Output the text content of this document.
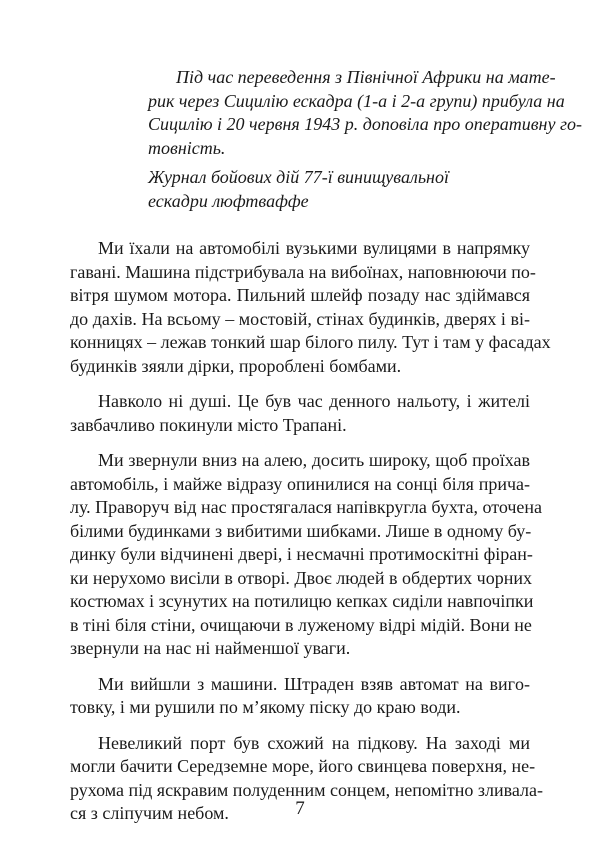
Під час переведення з Північної Африки на мате-
рик через Сицилію ескадра (1-а і 2-а групи) прибула на
Сицилію і 20 червня 1943 р. доповіла про оперативну го-
товність.

Журнал бойових дій 77-ї винищувальної
ескадри люфтваффе
Ми їхали на автомобілі вузькими вулицями в напрямку
гавані. Машина підстрибувала на вибоїнах, наповнюючи по-
вітря шумом мотора. Пильний шлейф позаду нас здіймався
до дахів. На всьому – мостовій, стінах будинків, дверях і ві-
конницях – лежав тонкий шар білого пилу. Тут і там у фасадах
будинків зяяли дірки, пророблені бомбами.
Навколо ні душі. Це був час денного нальоту, і жителі
завбачливо покинули місто Трапані.
Ми звернули вниз на алею, досить широку, щоб проїхав
автомобіль, і майже відразу опинилися на сонці біля прича-
лу. Праворуч від нас простягалася напівкругла бухта, оточена
білими будинками з вибитими шибками. Лише в одному бу-
динку були відчинені двері, і несмачні протимоскітні фіран-
ки нерухомо висіли в отворі. Двоє людей в обдертих чорних
костюмах і зсунутих на потилицю кепках сиділи навпочіпки
в тіні біля стіни, очищаючи в луженому відрі мідій. Вони не
звернули на нас ні найменшої уваги.
Ми вийшли з машини. Штраден взяв автомат на вигo-
товку, і ми рушили по м’якому піску до краю води.
Невеликий порт був схожий на підкову. На заході ми
могли бачити Середземне море, його свинцева поверхня, не-
рухома під яскравим полуденним сонцем, непомітно зливала-
ся з сліпучим небом.	7
